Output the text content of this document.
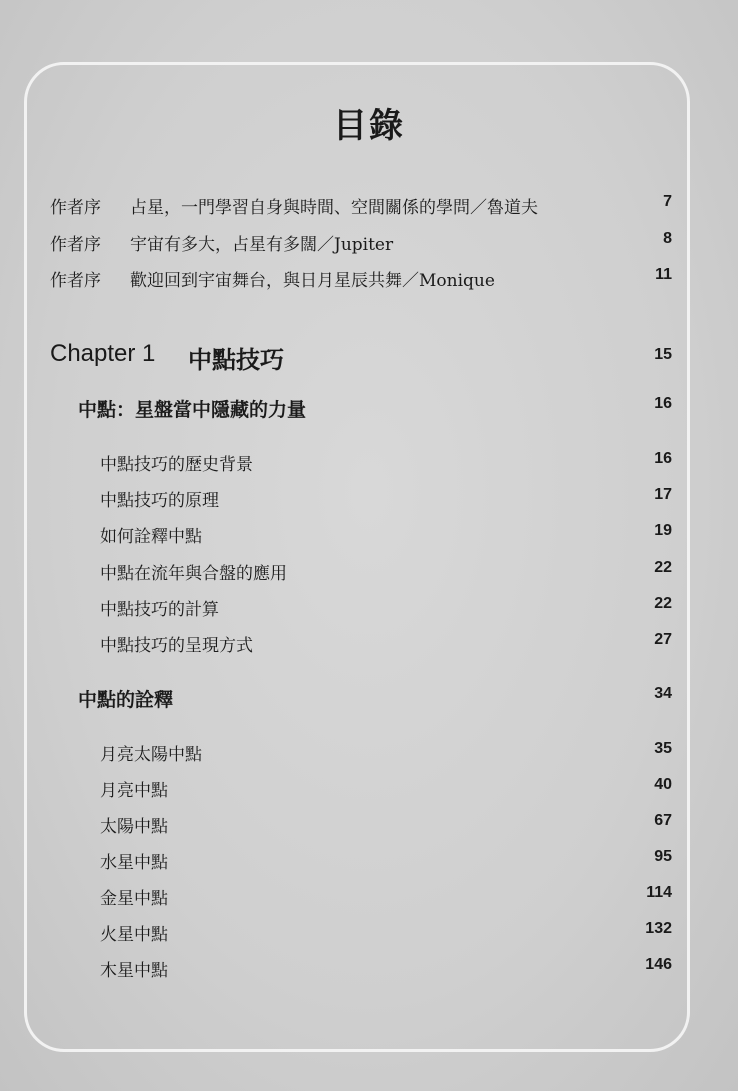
目錄
作者序 占星，一門學習自身與時間、空間關係的學問／魯道夫	7
作者序 宇宙有多大，占星有多闊／Jupiter	8
作者序 歡迎回到宇宙舞台，與日月星辰共舞／Monique	11
Chapter 1 中點技巧	15
中點：星盤當中隱藏的力量	16
中點技巧的歷史背景	16
中點技巧的原理	17
如何詮釋中點	19
中點在流年與合盤的應用	22
中點技巧的計算	22
中點技巧的呈現方式	27
中點的詮釋	34
月亮太陽中點	35
月亮中點	40
太陽中點	67
水星中點	95
金星中點	114
火星中點	132
木星中點	146
